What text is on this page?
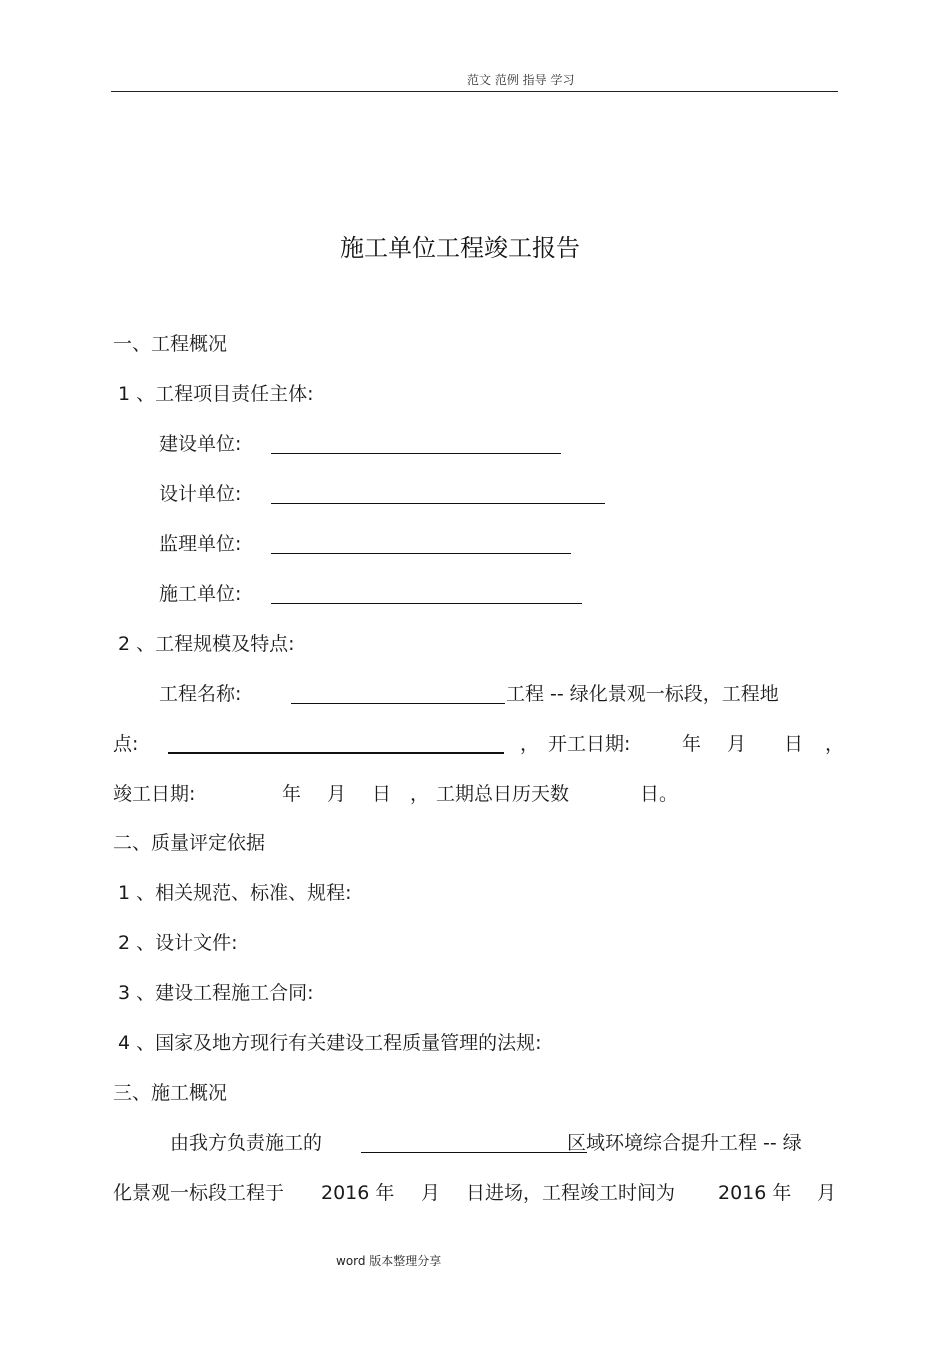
范文 范例 指导 学习
施工单位工程竣工报告
一、工程概况
1 、工程项目责任主体:
建设单位:
设计单位:
监理单位:
施工单位:
2 、工程规模及特点:
工程名称:	工程 -- 绿化景观一标段，工程地
点:	， 开工日期:	年 月 日 ，
竣工日期:	年 月 日 ， 工期总日历天数	日。
二、质量评定依据
1 、相关规范、标准、规程:
2 、设计文件:
3 、建设工程施工合同:
4 、国家及地方现行有关建设工程质量管理的法规:
三、施工概况
由我方负责施工的	区域环境综合提升工程 -- 绿
化景观一标段工程于 2016 年 月 日进场，工程竣工时间为 2016 年 月
word 版本整理分享
